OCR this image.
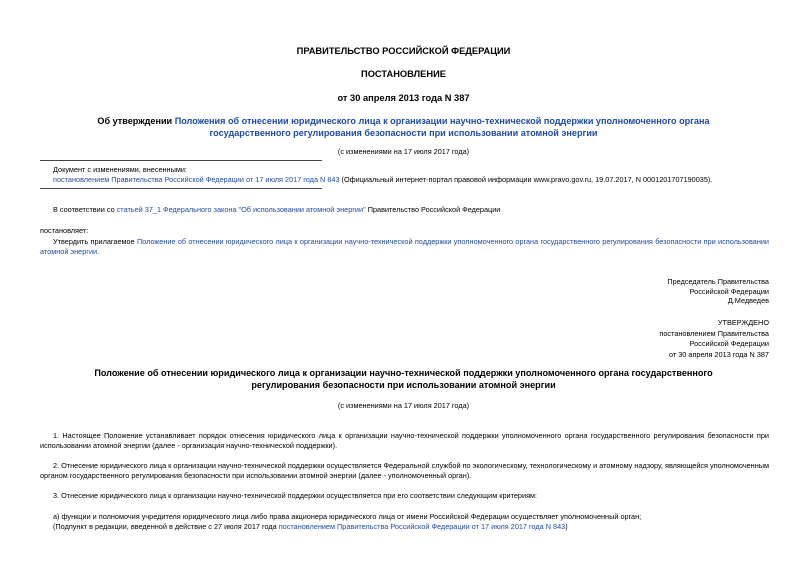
ПРАВИТЕЛЬСТВО РОССИЙСКОЙ ФЕДЕРАЦИИ
ПОСТАНОВЛЕНИЕ
от 30 апреля 2013 года N 387
Об утверждении Положения об отнесении юридического лица к организации научно-технической поддержки уполномоченного органа государственного регулирования безопасности при использовании атомной энергии
(с изменениями на 17 июля 2017 года)
Документ с изменениями, внесенными:
постановлением Правительства Российской Федерации от 17 июля 2017 года N 843 (Официальный интернет-портал правовой информации www.pravo.gov.ru, 19.07.2017, N 0001201707190035).
В соответствии со статьей 37_1 Федерального закона "Об использовании атомной энергии" Правительство Российской Федерации
постановляет:
Утвердить прилагаемое Положение об отнесении юридического лица к организации научно-технической поддержки уполномоченного органа государственного регулирования безопасности при использовании атомной энергии.
Председатель Правительства
Российской Федерации
Д.Медведев
УТВЕРЖДЕНО
постановлением Правительства
Российской Федерации
от 30 апреля 2013 года N 387
Положение об отнесении юридического лица к организации научно-технической поддержки уполномоченного органа государственного регулирования безопасности при использовании атомной энергии
(с изменениями на 17 июля 2017 года)
1. Настоящее Положение устанавливает порядок отнесения юридического лица к организации научно-технической поддержки уполномоченного органа государственного регулирования безопасности при использовании атомной энергии (далее - организация научно-технической поддержки).
2. Отнесение юридического лица к организации научно-технической поддержки осуществляется Федеральной службой по экологическому, технологическому и атомному надзору, являющейся уполномоченным органом государственного регулирования безопасности при использовании атомной энергии (далее - уполномоченный орган).
3. Отнесение юридического лица к организации научно-технической поддержки осуществляется при его соответствии следующим критериям:
а) функции и полномочия учредителя юридического лица либо права акционера юридического лица от имени Российской Федерации осуществляет уполномоченный орган;
(Подпункт в редакции, введенной в действие с 27 июля 2017 года постановлением Правительства Российской Федерации от 17 июля 2017 года N 843)
